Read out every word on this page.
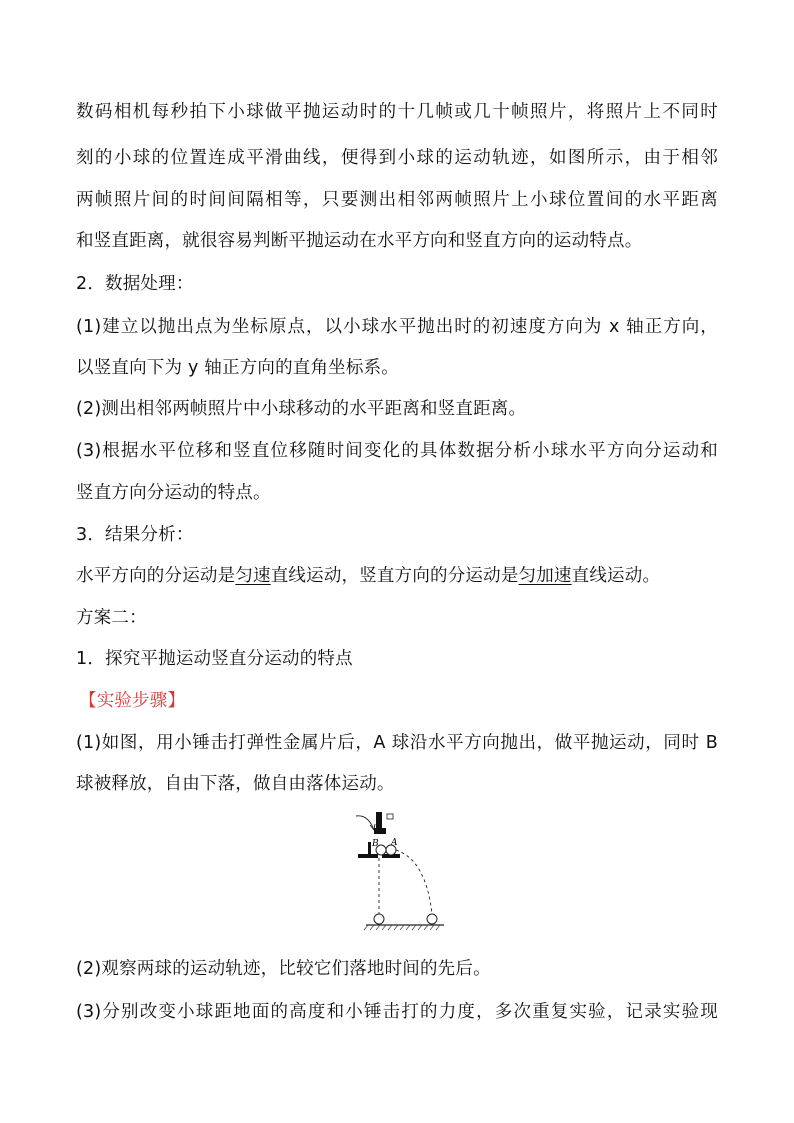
数码相机每秒拍下小球做平抛运动时的十几帧或几十帧照片，将照片上不同时
刻的小球的位置连成平滑曲线，便得到小球的运动轨迹，如图所示，由于相邻
两帧照片间的时间间隔相等，只要测出相邻两帧照片上小球位置间的水平距离
和竖直距离，就很容易判断平抛运动在水平方向和竖直方向的运动特点。
2．数据处理：
(1)建立以抛出点为坐标原点，以小球水平抛出时的初速度方向为 x 轴正方向，
以竖直向下为 y 轴正方向的直角坐标系。
(2)测出相邻两帧照片中小球移动的水平距离和竖直距离。
(3)根据水平位移和竖直位移随时间变化的具体数据分析小球水平方向分运动和
竖直方向分运动的特点。
3．结果分析：
水平方向的分运动是匀速直线运动，竖直方向的分运动是匀加速直线运动。
方案二：
1．探究平抛运动竖直分运动的特点
【实验步骤】
(1)如图，用小锤击打弹性金属片后，A 球沿水平方向抛出，做平抛运动，同时 B
球被释放，自由下落，做自由落体运动。
B A
(2)观察两球的运动轨迹，比较它们落地时间的先后。
(3)分别改变小球距地面的高度和小锤击打的力度，多次重复实验，记录实验现
